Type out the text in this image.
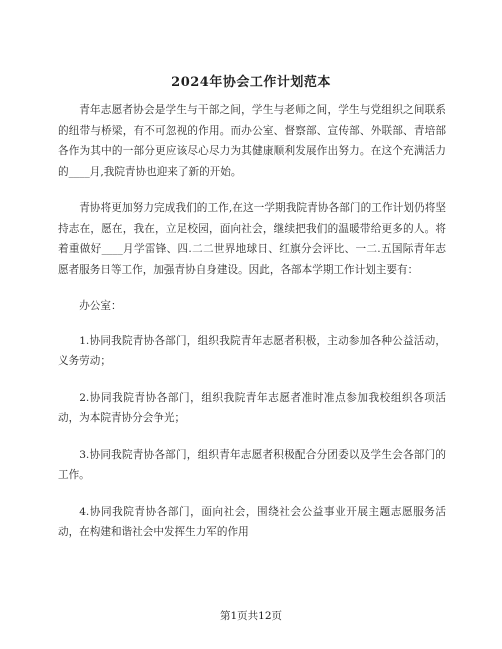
2024年协会工作计划范本

青年志愿者协会是学生与干部之间，学生与老师之间，学生与党组织之间联系的纽带与桥梁，有不可忽视的作用。而办公室、督察部、宣传部、外联部、青培部各作为其中的一部分更应该尽心尽力为其健康顺利发展作出努力。在这个充满活力的____月,我院青协也迎来了新的开始。

青协将更加努力完成我们的工作,在这一学期我院青协各部门的工作计划仍将坚持志在，愿在，我在，立足校园，面向社会，继续把我们的温暖带给更多的人。将着重做好____月学雷锋、四.二二世界地球日、红旗分会评比、一二.五国际青年志愿者服务日等工作，加强青协自身建设。因此，各部本学期工作计划主要有：

办公室：

1.协同我院青协各部门，组织我院青年志愿者积极，主动参加各种公益活动，义务劳动；

2.协同我院青协各部门，组织我院青年志愿者准时准点参加我校组织各项活动，为本院青协分会争光；

3.协同我院青协各部门，组织青年志愿者积极配合分团委以及学生会各部门的工作。

4.协同我院青协各部门，面向社会，围绕社会公益事业开展主题志愿服务活动，在构建和谐社会中发挥生力军的作用

第1页共12页
